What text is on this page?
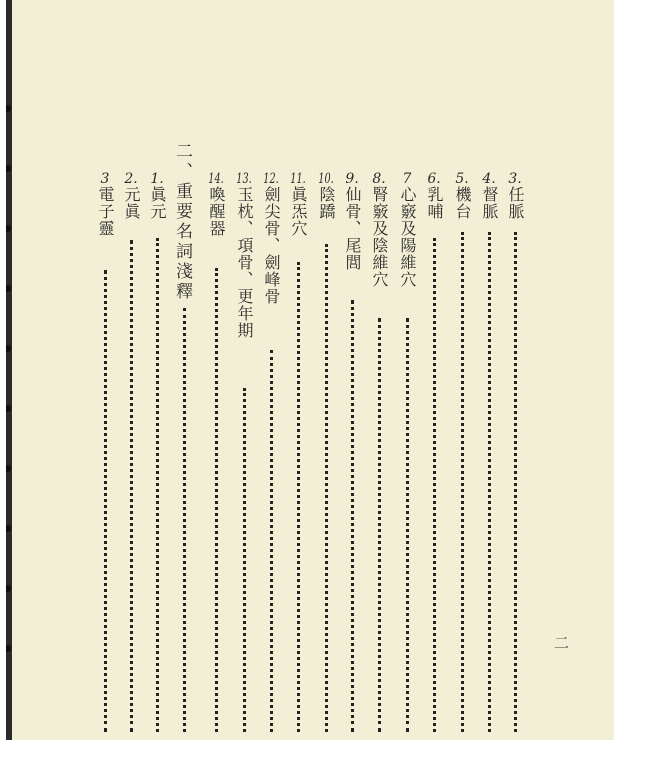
3.任脈
4.督脈
5.機台
6.乳哺
7心竅及陽維穴
8.腎竅及陰維穴
9.仙骨、尾閭
10.陰蹻
11.眞炁穴
12.劍尖骨、劍峰骨
13.玉枕、項骨、更年期
14.喚醒器
二、重要名詞淺釋
1.眞元
2.元眞
3電子靈
二
